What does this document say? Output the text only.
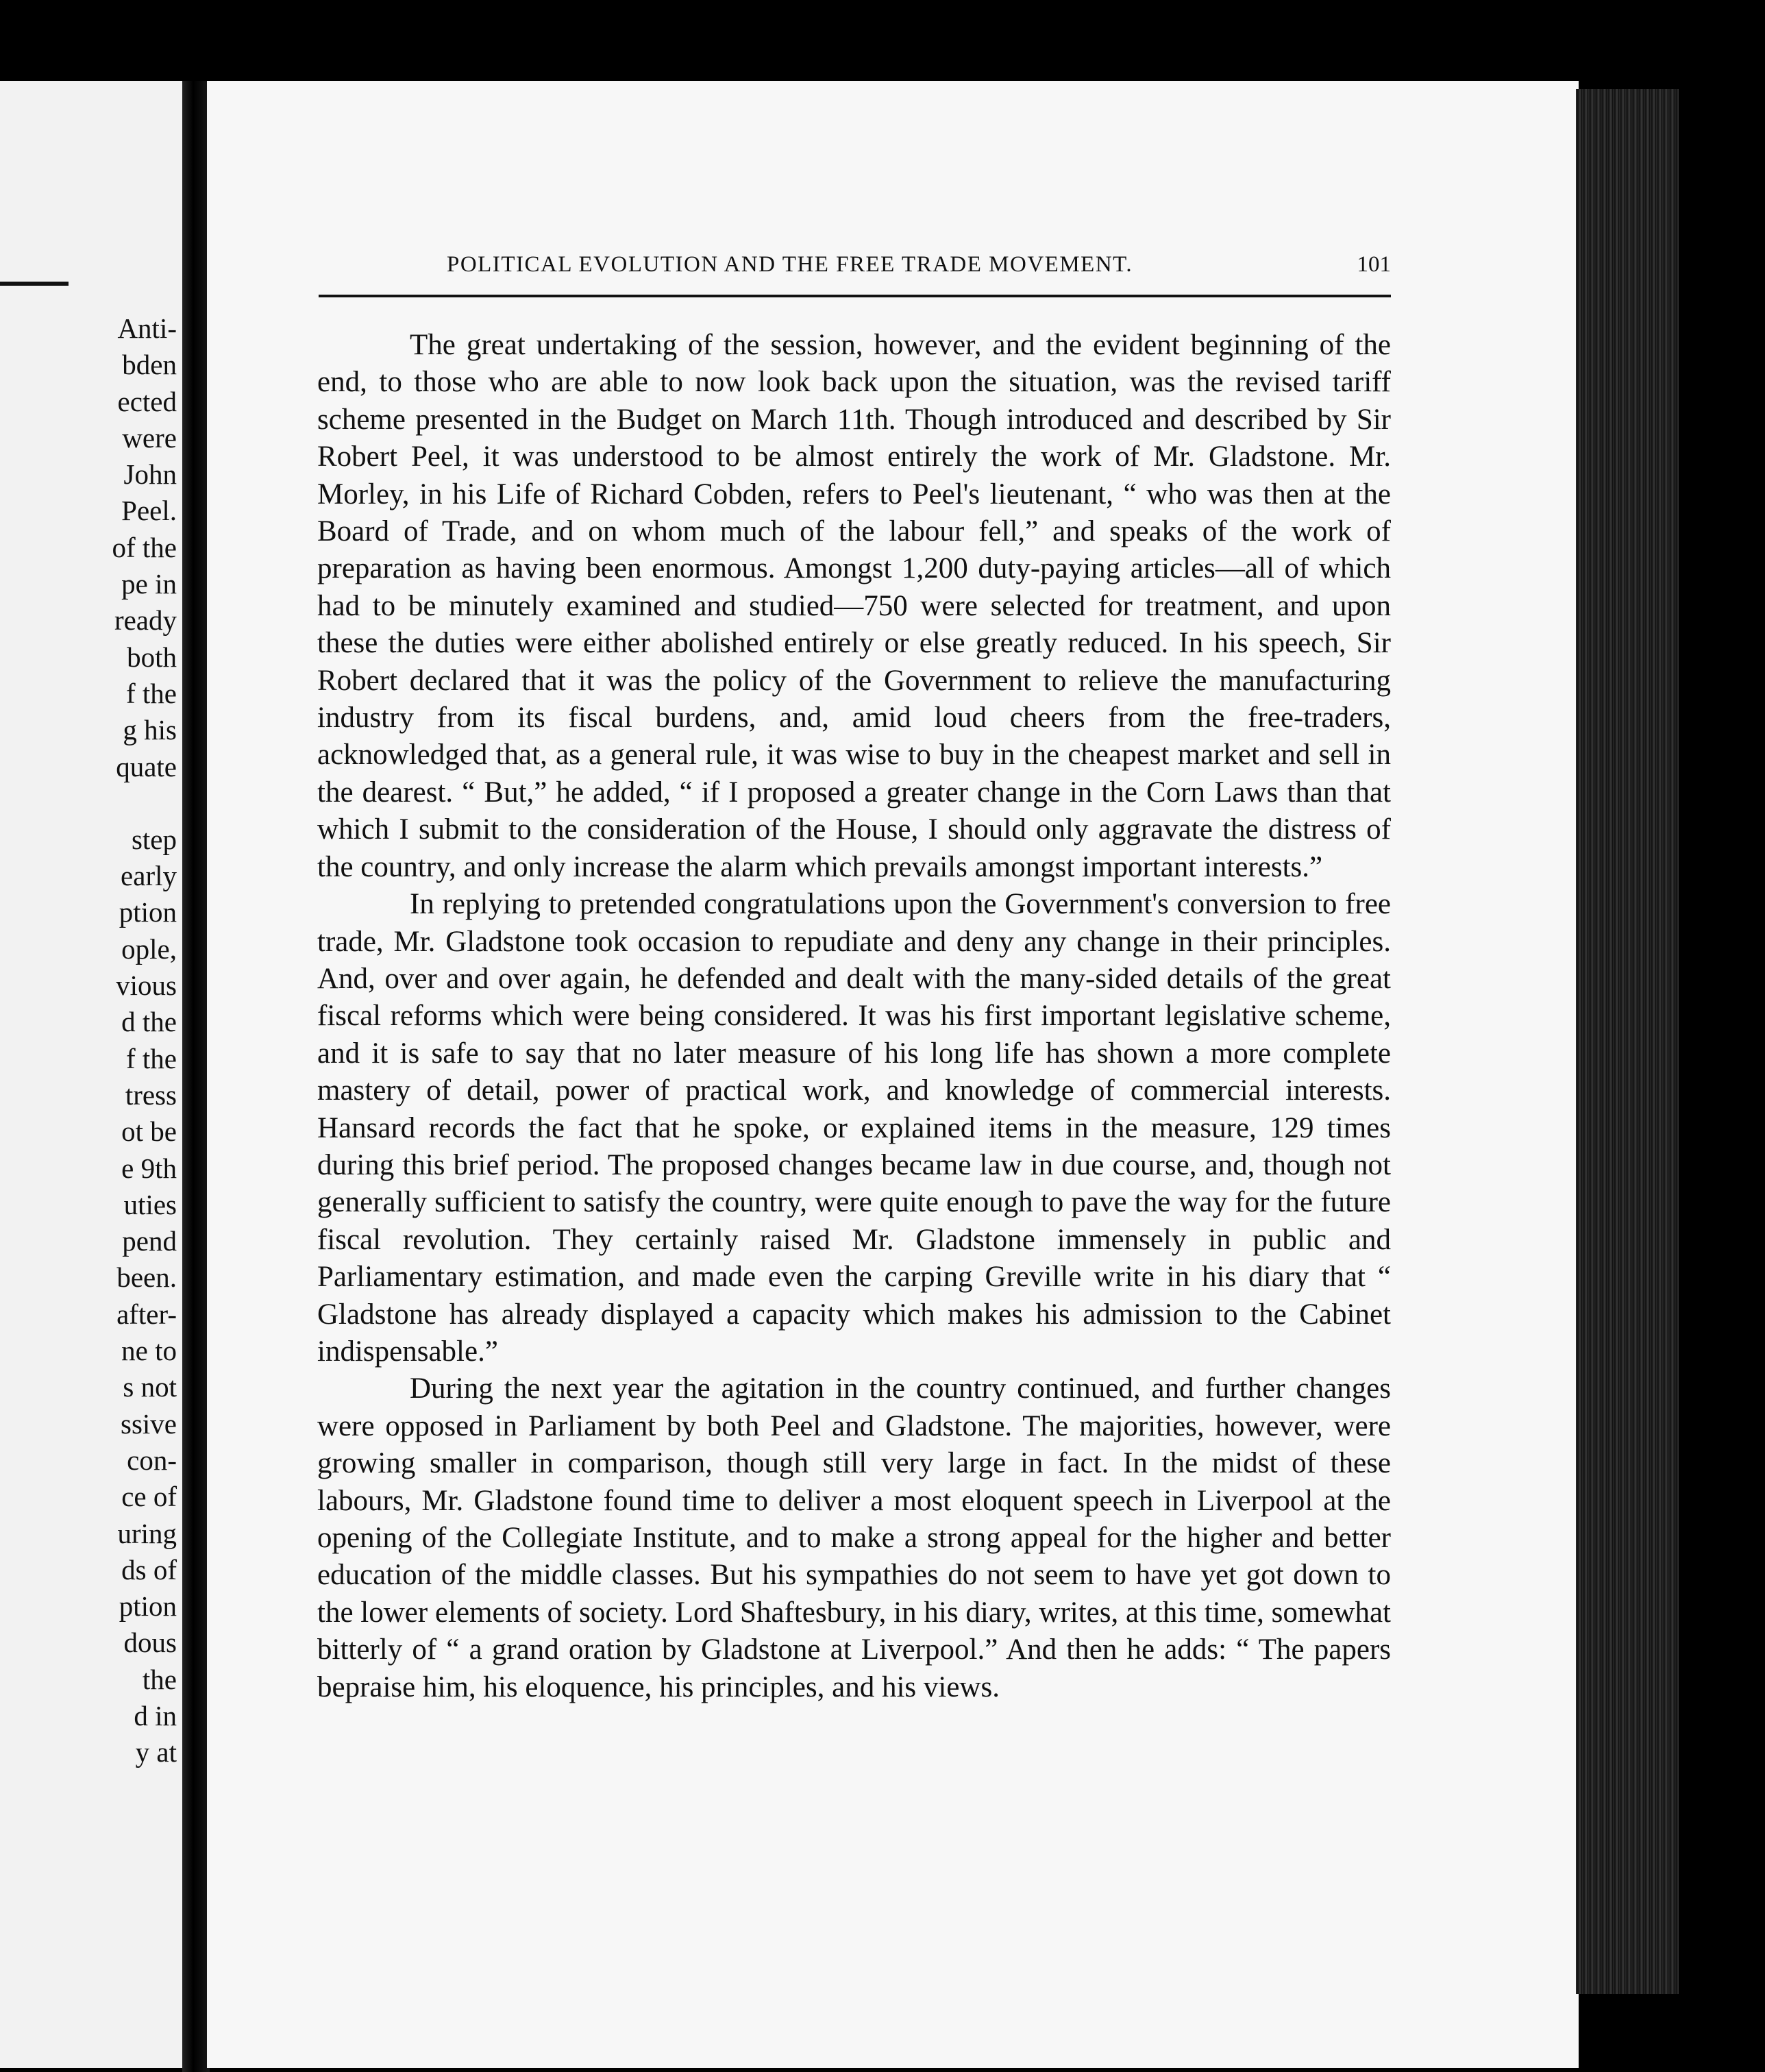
Anti-
bden
ected
were
John
Peel.
of the
pe in
ready
both
f the
g his
quate
step
early
ption
ople,
vious
d the
f the
tress
ot be
e 9th
uties
pend
been.
after-
ne to
s not
ssive
con-
ce of
uring
ds of
ption
dous
the
d in
y at
POLITICAL EVOLUTION AND THE FREE TRADE MOVEMENT.	101

The great undertaking of the session, however, and the evident beginning of the end, to those who are able to now look back upon the situation, was the revised tariff scheme presented in the Budget on March 11th. Though introduced and described by Sir Robert Peel, it was understood to be almost entirely the work of Mr. Gladstone. Mr. Morley, in his Life of Richard Cobden, refers to Peel's lieutenant, “ who was then at the Board of Trade, and on whom much of the labour fell,” and speaks of the work of preparation as having been enormous. Amongst 1,200 duty-paying articles—all of which had to be minutely examined and studied—750 were selected for treatment, and upon these the duties were either abolished entirely or else greatly reduced. In his speech, Sir Robert declared that it was the policy of the Government to relieve the manufacturing industry from its fiscal burdens, and, amid loud cheers from the free-traders, acknowledged that, as a general rule, it was wise to buy in the cheapest market and sell in the dearest. “ But,” he added, “ if I proposed a greater change in the Corn Laws than that which I submit to the consideration of the House, I should only aggravate the distress of the country, and only increase the alarm which prevails amongst important interests.”

In replying to pretended congratulations upon the Government's conversion to free trade, Mr. Gladstone took occasion to repudiate and deny any change in their principles. And, over and over again, he defended and dealt with the many-sided details of the great fiscal reforms which were being considered. It was his first important legislative scheme, and it is safe to say that no later measure of his long life has shown a more complete mastery of detail, power of practical work, and knowledge of commercial interests. Hansard records the fact that he spoke, or explained items in the measure, 129 times during this brief period. The proposed changes became law in due course, and, though not generally sufficient to satisfy the country, were quite enough to pave the way for the future fiscal revolution. They certainly raised Mr. Gladstone immensely in public and Parliamentary estimation, and made even the carping Greville write in his diary that “ Gladstone has already displayed a capacity which makes his admission to the Cabinet indispensable.”

During the next year the agitation in the country continued, and further changes were opposed in Parliament by both Peel and Gladstone. The majorities, however, were growing smaller in comparison, though still very large in fact. In the midst of these labours, Mr. Gladstone found time to deliver a most eloquent speech in Liverpool at the opening of the Collegiate Institute, and to make a strong appeal for the higher and better education of the middle classes. But his sympathies do not seem to have yet got down to the lower elements of society. Lord Shaftesbury, in his diary, writes, at this time, somewhat bitterly of “ a grand oration by Gladstone at Liverpool.” And then he adds: “ The papers bepraise him, his eloquence, his principles, and his views.
